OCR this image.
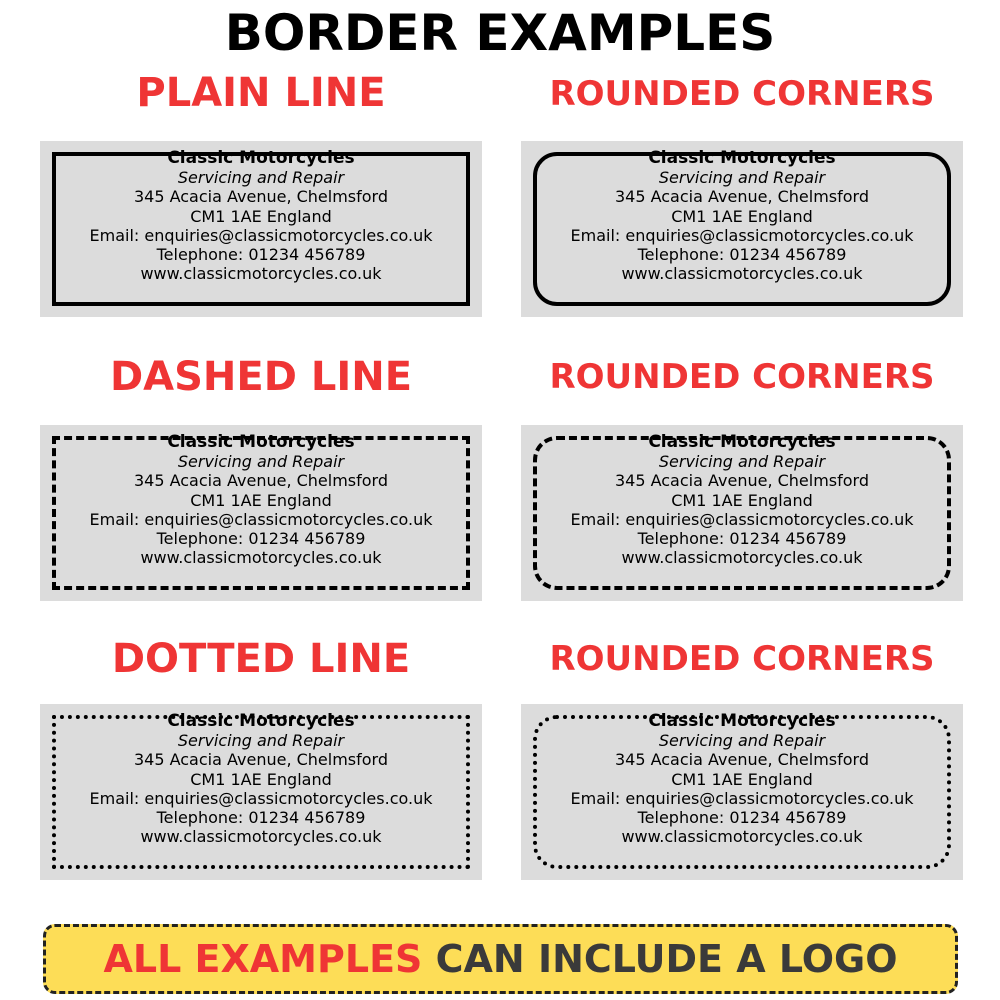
BORDER EXAMPLES
PLAIN LINE	ROUNDED CORNERS
Classic Motorcycles
Servicing and Repair
345 Acacia Avenue, Chelmsford
CM1 1AE England
Email: enquiries@classicmotorcycles.co.uk
Telephone: 01234 456789
www.classicmotorcycles.co.uk
Classic Motorcycles
Servicing and Repair
345 Acacia Avenue, Chelmsford
CM1 1AE England
Email: enquiries@classicmotorcycles.co.uk
Telephone: 01234 456789
www.classicmotorcycles.co.uk
DASHED LINE	ROUNDED CORNERS
Classic Motorcycles
Servicing and Repair
345 Acacia Avenue, Chelmsford
CM1 1AE England
Email: enquiries@classicmotorcycles.co.uk
Telephone: 01234 456789
www.classicmotorcycles.co.uk
Classic Motorcycles
Servicing and Repair
345 Acacia Avenue, Chelmsford
CM1 1AE England
Email: enquiries@classicmotorcycles.co.uk
Telephone: 01234 456789
www.classicmotorcycles.co.uk
DOTTED LINE	ROUNDED CORNERS
Classic Motorcycles
Servicing and Repair
345 Acacia Avenue, Chelmsford
CM1 1AE England
Email: enquiries@classicmotorcycles.co.uk
Telephone: 01234 456789
www.classicmotorcycles.co.uk
Classic Motorcycles
Servicing and Repair
345 Acacia Avenue, Chelmsford
CM1 1AE England
Email: enquiries@classicmotorcycles.co.uk
Telephone: 01234 456789
www.classicmotorcycles.co.uk
ALL EXAMPLES CAN INCLUDE A LOGO
